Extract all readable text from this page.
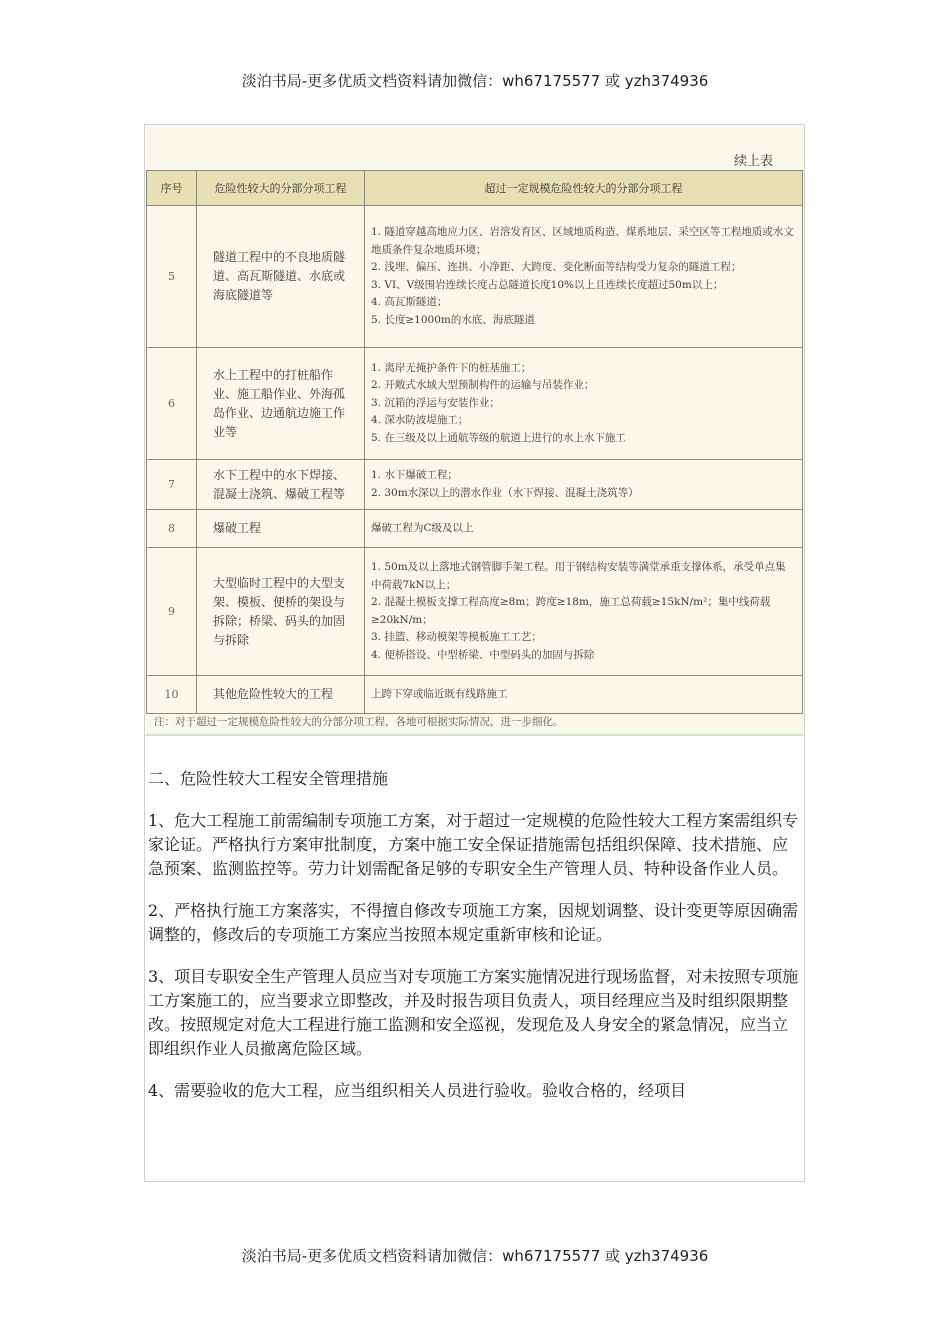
淡泊书局-更多优质文档资料请加微信：wh67175577 或 yzh374936
续上表
序号	危险性较大的分部分项工程	超过一定规模危险性较大的分部分项工程
5	隧道工程中的不良地质隧道、高瓦斯隧道、水底或海底隧道等	1. 隧道穿越高地应力区、岩溶发育区、区域地质构造、煤系地层、采空区等工程地质或水文地质条件复杂地质环境；
2. 浅埋、偏压、连拱、小净距、大跨度、变化断面等结构受力复杂的隧道工程；
3. VI、V级围岩连续长度占总隧道长度10%以上且连续长度超过50m以上；
4. 高瓦斯隧道；
5. 长度≥1000m的水底、海底隧道

6	水上工程中的打桩船作业、施工船作业、外海孤岛作业、边通航边施工作业等	1. 离岸无掩护条件下的桩基施工；
2. 开敞式水域大型预制构件的运输与吊装作业；
3. 沉箱的浮运与安装作业；
4. 深水防波堤施工；
5. 在三级及以上通航等级的航道上进行的水上水下施工

7	水下工程中的水下焊接、混凝土浇筑、爆破工程等	1. 水下爆破工程；
2. 30m水深以上的潜水作业（水下焊接、混凝土浇筑等）

8	爆破工程	爆破工程为C级及以上

9	大型临时工程中的大型支架、模板、便桥的架设与拆除；桥梁、码头的加固与拆除	1. 50m及以上落地式钢管脚手架工程。用于钢结构安装等满堂承重支撑体系，承受单点集中荷载7kN以上；
2. 混凝土模板支撑工程高度≥8m；跨度≥18m，施工总荷载≥15kN/m²；集中线荷载≥20kN/m；
3. 挂篮、移动模架等模板施工工艺；
4. 便桥搭设、中型桥梁、中型码头的加固与拆除

10	其他危险性较大的工程	上跨下穿或临近既有线路施工
注：对于超过一定规模危险性较大的分部分项工程，各地可根据实际情况，进一步细化。
二、危险性较大工程安全管理措施

1、危大工程施工前需编制专项施工方案，对于超过一定规模的危险性较大工程方案需组织专家论证。严格执行方案审批制度，方案中施工安全保证措施需包括组织保障、技术措施、应急预案、监测监控等。劳力计划需配备足够的专职安全生产管理人员、特种设备作业人员。

2、严格执行施工方案落实，不得擅自修改专项施工方案，因规划调整、设计变更等原因确需调整的，修改后的专项施工方案应当按照本规定重新审核和论证。

3、项目专职安全生产管理人员应当对专项施工方案实施情况进行现场监督，对未按照专项施工方案施工的，应当要求立即整改，并及时报告项目负责人，项目经理应当及时组织限期整改。按照规定对危大工程进行施工监测和安全巡视，发现危及人身安全的紧急情况，应当立即组织作业人员撤离危险区域。

4、需要验收的危大工程，应当组织相关人员进行验收。验收合格的，经项目

淡泊书局-更多优质文档资料请加微信：wh67175577 或 yzh374936
